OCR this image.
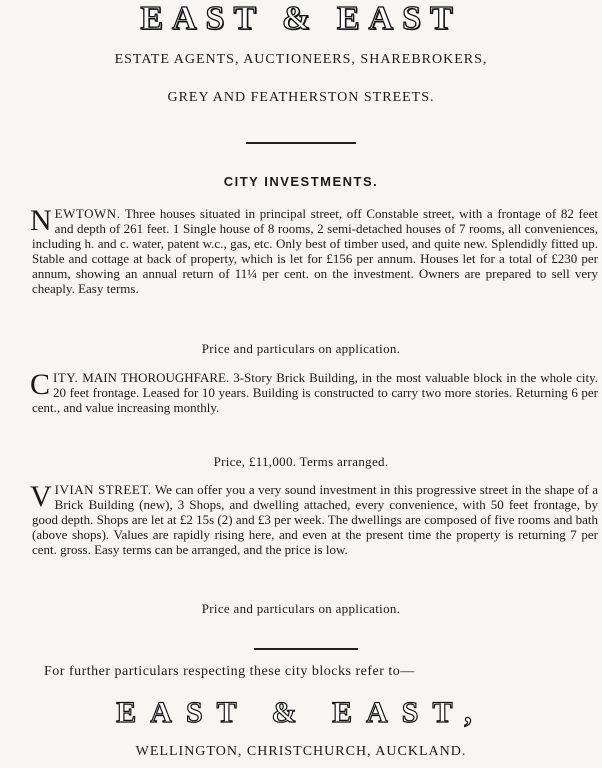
EAST & EAST
ESTATE AGENTS, AUCTIONEERS, SHAREBROKERS,
GREY AND FEATHERSTON STREETS.
CITY INVESTMENTS.
NEWTOWN. Three houses situated in principal street, off Constable street, with a frontage of 82 feet and depth of 261 feet. 1 Single house of 8 rooms, 2 semi-detached houses of 7 rooms, all conveniences, including h. and c. water, patent w.c., gas, etc. Only best of timber used, and quite new. Splendidly fitted up. Stable and cottage at back of property, which is let for £156 per annum. Houses let for a total of £230 per annum, showing an annual return of 11¼ per cent. on the investment. Owners are prepared to sell very cheaply. Easy terms.
Price and particulars on application.
CITY. MAIN THOROUGHFARE. 3-Story Brick Building, in the most valuable block in the whole city. 20 feet frontage. Leased for 10 years. Building is constructed to carry two more stories. Returning 6 per cent., and value increasing monthly.
Price, £11,000. Terms arranged.
VIVIAN STREET. We can offer you a very sound investment in this progressive street in the shape of a Brick Building (new), 3 Shops, and dwelling attached, every convenience, with 50 feet frontage, by good depth. Shops are let at £2 15s (2) and £3 per week. The dwellings are composed of five rooms and bath (above shops). Values are rapidly rising here, and even at the present time the property is returning 7 per cent. gross. Easy terms can be arranged, and the price is low.
Price and particulars on application.
For further particulars respecting these city blocks refer to—
EAST & EAST,
WELLINGTON, CHRISTCHURCH, AUCKLAND.
